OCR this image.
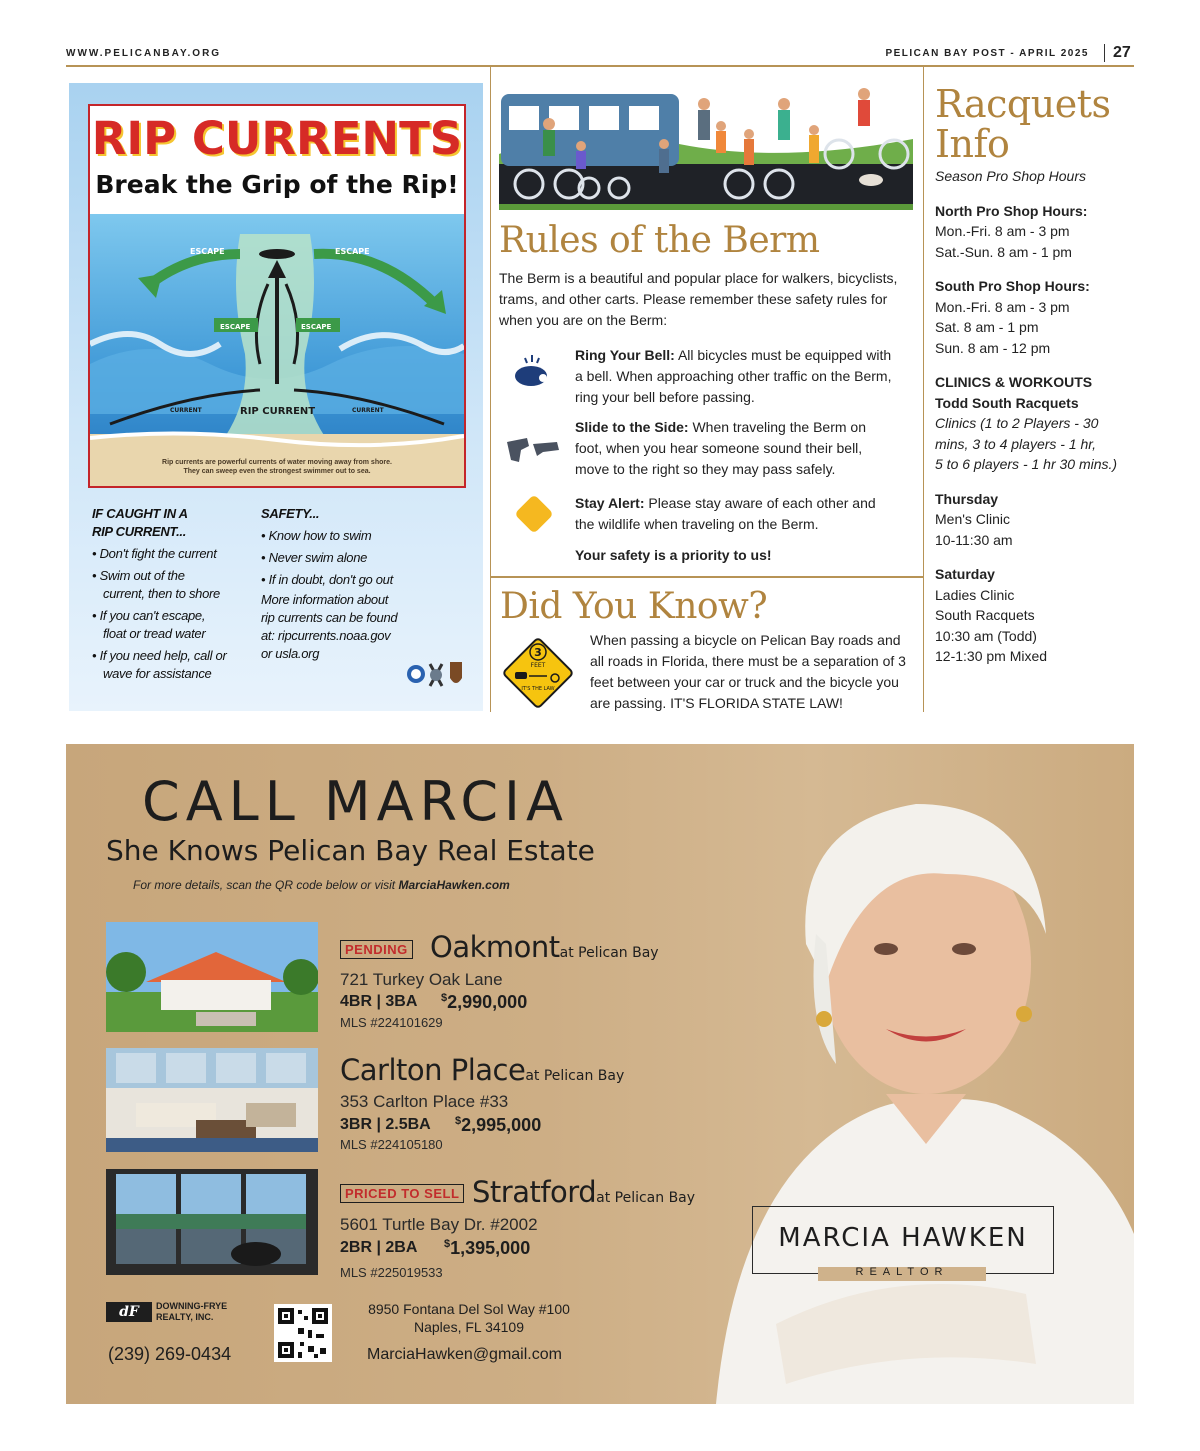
WWW.PELICANBAY.ORG	PELICAN BAY POST - APRIL 2025	27
RIP CURRENTS
Break the Grip of the Rip!
ESCAPE	ESCAPE
ESCAPE	ESCAPE
RIP CURRENT
CURRENT	CURRENT
Rip currents are powerful currents of water moving away from shore.
They can sweep even the strongest swimmer out to sea.
IF CAUGHT IN A
RIP CURRENT...
• Don't fight the current
• Swim out of the
current, then to shore
• If you can't escape,
float or tread water
• If you need help, call or
wave for assistance
SAFETY...
• Know how to swim
• Never swim alone
• If in doubt, don't go out
More information about
rip currents can be found
at: ripcurrents.noaa.gov
or usla.org
Rules of the Berm
The Berm is a beautiful and popular place for walkers, bicyclists, trams, and other carts. Please remember these safety rules for when you are on the Berm:
Ring Your Bell: All bicycles must be equipped with a bell. When approaching other traffic on the Berm, ring your bell before passing.
Slide to the Side: When traveling the Berm on foot, when you hear someone sound their bell, move to the right so they may pass safely.
Stay Alert: Please stay aware of each other and the wildlife when traveling on the Berm.
Your safety is a priority to us!
Did You Know?
3
FEET
IT'S THE LAW
When passing a bicycle on Pelican Bay roads and all roads in Florida, there must be a separation of 3 feet between your car or truck and the bicycle you are passing. IT'S FLORIDA STATE LAW!
Racquets
Info
Season Pro Shop Hours
North Pro Shop Hours:
Mon.-Fri. 8 am - 3 pm
Sat.-Sun. 8 am - 1 pm
South Pro Shop Hours:
Mon.-Fri. 8 am - 3 pm
Sat. 8 am - 1 pm
Sun. 8 am - 12 pm
CLINICS & WORKOUTS
Todd South Racquets
Clinics (1 to 2 Players - 30
mins, 3 to 4 players - 1 hr,
5 to 6 players - 1 hr 30 mins.)
Thursday
Men's Clinic
10-11:30 am
Saturday
Ladies Clinic
South Racquets
10:30 am (Todd)
12-1:30 pm Mixed
CALL MARCIA
She Knows Pelican Bay Real Estate
For more details, scan the QR code below or visit MarciaHawken.com
PENDING Oakmontat Pelican Bay
721 Turkey Oak Lane
4BR | 3BA $2,990,000
MLS #224101629
Carlton Placeat Pelican Bay
353 Carlton Place #33
3BR | 2.5BA $2,995,000
MLS #224105180
PRICED TO SELL Stratfordat Pelican Bay
5601 Turtle Bay Dr. #2002
2BR | 2BA $1,395,000
MLS #225019533
dF	DOWNING-FRYE
REALTY, INC.
(239) 269-0434
8950 Fontana Del Sol Way #100
Naples, FL 34109
MarciaHawken@gmail.com
MARCIA HAWKEN
REALTOR
